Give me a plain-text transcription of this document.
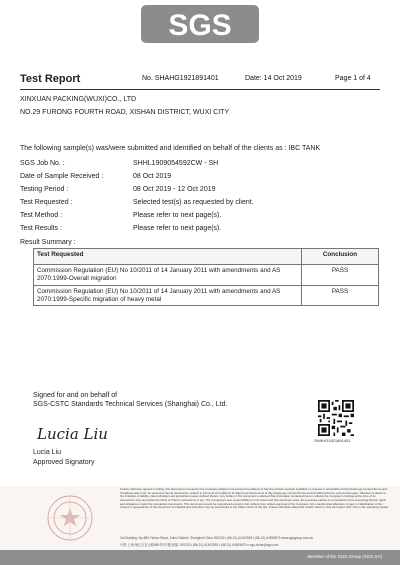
SGS
Test Report	No. SHAHG1921891401	Date: 14 Oct 2019	Page 1 of 4
XINXUAN PACKING(WUXI)CO., LTD
NO.29 FURONG FOURTH ROAD, XISHAN DISTRICT, WUXI CITY
The following sample(s) was/were submitted and identified on behalf of the clients as : IBC TANK
SGS Job No. :	SHHL1909054592CW - SH
Date of Sample Received :	08 Oct 2019
Testing Period :	08 Oct 2019 - 12 Oct 2019
Test Requested :	Selected test(s) as requested by client.
Test Method :	Please refer to next page(s).
Test Results :	Please refer to next page(s).
Result Summary :
Test Requested	Conclusion
Commission Regulation (EU) No 10/2011 of 14 January 2011 with amendments and AS 2070:1999-Overall migration	PASS
Commission Regulation (EU) No 10/2011 of 14 January 2011 with amendments and AS 2070:1999-Specific migration of heavy metal	PASS
Signed for and on behalf of
SGS-CSTC Standards Technical Services (Shanghai) Co., Ltd.
Lucia Liu
Lucia Liu
Approved Signatory
SHAHG1921891401
Unless otherwise agreed in writing, this document is issued by the Company subject to its General Conditions of Service printed overleaf, available on request or accessible at http://www.sgs.com/en/Terms-and-Conditions.aspx and, for electronic format documents, subject to Terms and Conditions for Electronic Documents at http://www.sgs.com/en/Terms-and-Conditions/Terms-e-Document.aspx. Attention is drawn to the limitation of liability, indemnification and jurisdiction issues defined therein. Any holder of this document is advised that information contained hereon reflects the Company's findings at the time of its intervention only and within the limits of Client's instructions, if any. The Company's sole responsibility is to its Client and this document does not exonerate parties to a transaction from exercising all their rights and obligations under the transaction documents. This document cannot be reproduced except in full, without prior written approval of the Company. Any unauthorized alteration, forgery or falsification of the content or appearance of this document is unlawful and offenders may be prosecuted to the fullest extent of the law. Unless otherwise stated the results shown in this test report refer only to the sample(s) tested.
3rd Building, No.889 Yishan Road, Xuhui District, Shanghai China 200233 t (86-21) 61402553 f (86-21) 64953679 www.sgsgroup.com.cn
中国·上海·徐汇区宜山路889号3号楼 邮编: 200233 t (86-21) 61402553 f (86-21) 64953679 e sgs.china@sgs.com
Member of the SGS Group (SGS SA)
